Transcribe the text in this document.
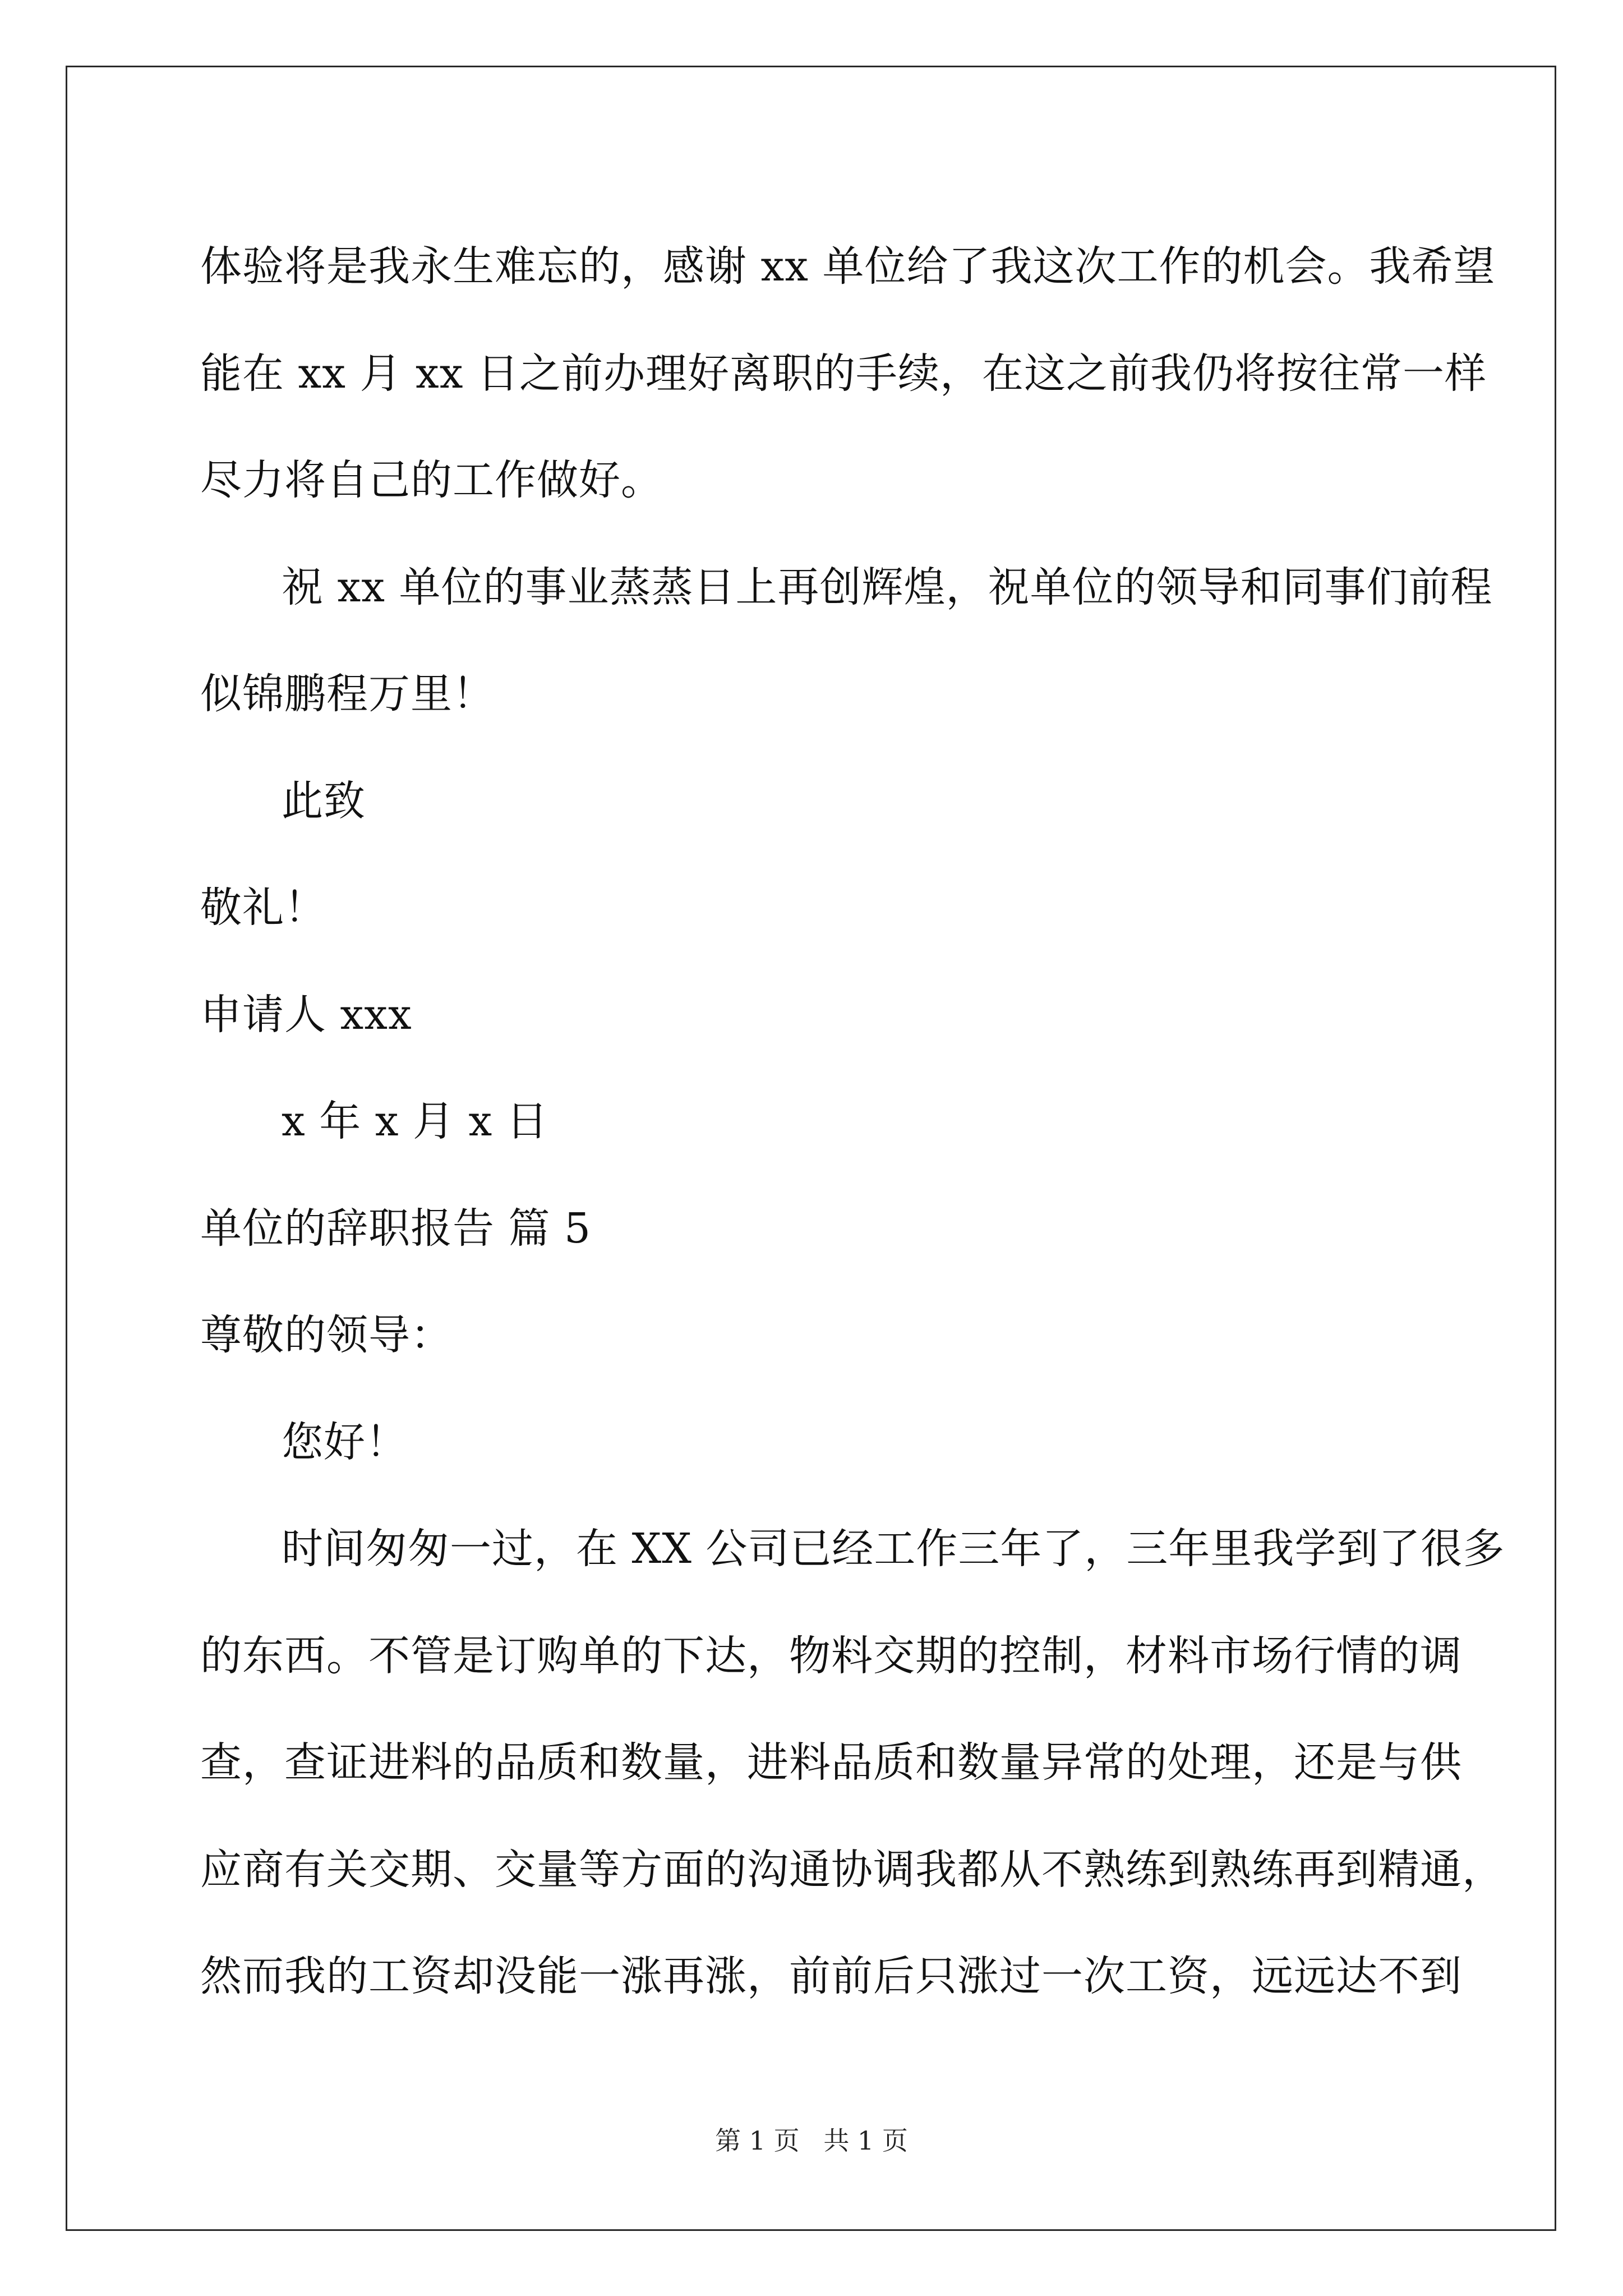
体验将是我永生难忘的，感谢 xx 单位给了我这次工作的机会。我希望
能在 xx 月 xx 日之前办理好离职的手续，在这之前我仍将按往常一样
尽力将自己的工作做好。
祝 xx 单位的事业蒸蒸日上再创辉煌，祝单位的领导和同事们前程
似锦鹏程万里！
此致
敬礼！
申请人 xxx
x 年 x 月 x 日
单位的辞职报告 篇 5
尊敬的领导：
您好！
时间匆匆一过，在 XX 公司已经工作三年了，三年里我学到了很多
的东西。不管是订购单的下达，物料交期的控制，材料市场行情的调
查，查证进料的品质和数量，进料品质和数量异常的处理，还是与供
应商有关交期、交量等方面的沟通协调我都从不熟练到熟练再到精通，
然而我的工资却没能一涨再涨，前前后只涨过一次工资，远远达不到
第 1 页 共 1 页
